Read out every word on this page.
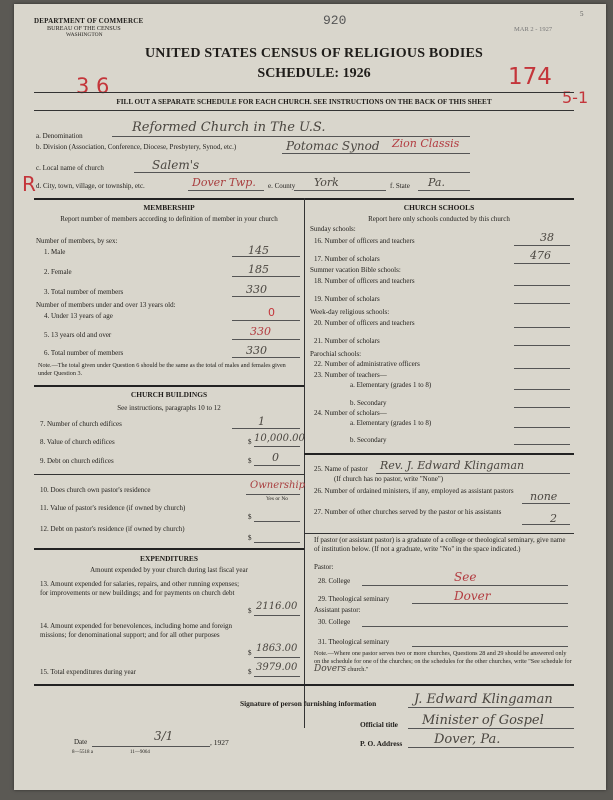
DEPARTMENT OF COMMERCE
BUREAU OF THE CENSUS
WASHINGTON
920	5
MAR 2 - 1927
UNITED STATES CENSUS OF RELIGIOUS BODIES
SCHEDULE: 1926
3 6	174
5-1
FILL OUT A SEPARATE SCHEDULE FOR EACH CHURCH. SEE INSTRUCTIONS ON THE BACK OF THIS SHEET
a. Denomination
Reformed Church in The U.S.
b. Division (Association, Conference, Diocese, Presbytery, Synod, etc.)	Potomac Synod Zion Classis
c. Local name of church	Salem's
R d. City, town, village, or township, etc.	Dover Twp. e. County York	f. State Pa.
MEMBERSHIP
Report number of members according to definition of member in your church
Number of members, by sex:
1. Male	145
2. Female	185
3. Total number of members	330
Number of members under and over 13 years old:
4. Under 13 years of age	0
5. 13 years old and over	330
6. Total number of members	330
Note.—The total given under Question 6 should be the same as the total of males and females given under Question 3.
CHURCH BUILDINGS
See instructions, paragraphs 10 to 12
7. Number of church edifices	1
8. Value of church edifices	$ 10,000.00
9. Debt on church edifices	$ 0
10. Does church own pastor's residence	Ownership
Yes or No
11. Value of pastor's residence (if owned by church)
$
12. Debt on pastor's residence (if owned by church)
$
EXPENDITURES
Amount expended by your church during last fiscal year
13. Amount expended for salaries, repairs, and other running expenses; for improvements or new buildings; and for payments on church debt
$ 2116.00
14. Amount expended for benevolences, including home and foreign missions; for denominational support; and for all other purposes
$ 1863.00
15. Total expenditures during year	$ 3979.00
CHURCH SCHOOLS
Report here only schools conducted by this church
Sunday schools:
16. Number of officers and teachers	38
17. Number of scholars	476
Summer vacation Bible schools:
18. Number of officers and teachers
19. Number of scholars
Week-day religious schools:
20. Number of officers and teachers
21. Number of scholars
Parochial schools:
22. Number of administrative officers
23. Number of teachers—
a. Elementary (grades 1 to 8)
b. Secondary
24. Number of scholars—
a. Elementary (grades 1 to 8)
b. Secondary
25. Name of pastor Rev. J. Edward Klingaman
(If church has no pastor, write "None")
26. Number of ordained ministers, if any, employed as assistant pastors	none
27. Number of other churches served by the pastor or his assistants	2
If pastor (or assistant pastor) is a graduate of a college or theological seminary, give name of institution below. (If not a graduate, write "No" in the space indicated.)
Pastor:
28. College	See
29. Theological seminary	Dover
Assistant pastor:
30. College
31. Theological seminary
Note.—Where one pastor serves two or more churches, Questions 28 and 29 should be answered only on the schedule for one of the churches; on the schedules for the other churches, write "See schedule for Dovers church."
Signature of person furnishing information	J. Edward Klingaman
Official title Minister of Gospel
Date	3/1	, 1927	P. O. Address Dover, Pa.
8—5518 a	11—9064
